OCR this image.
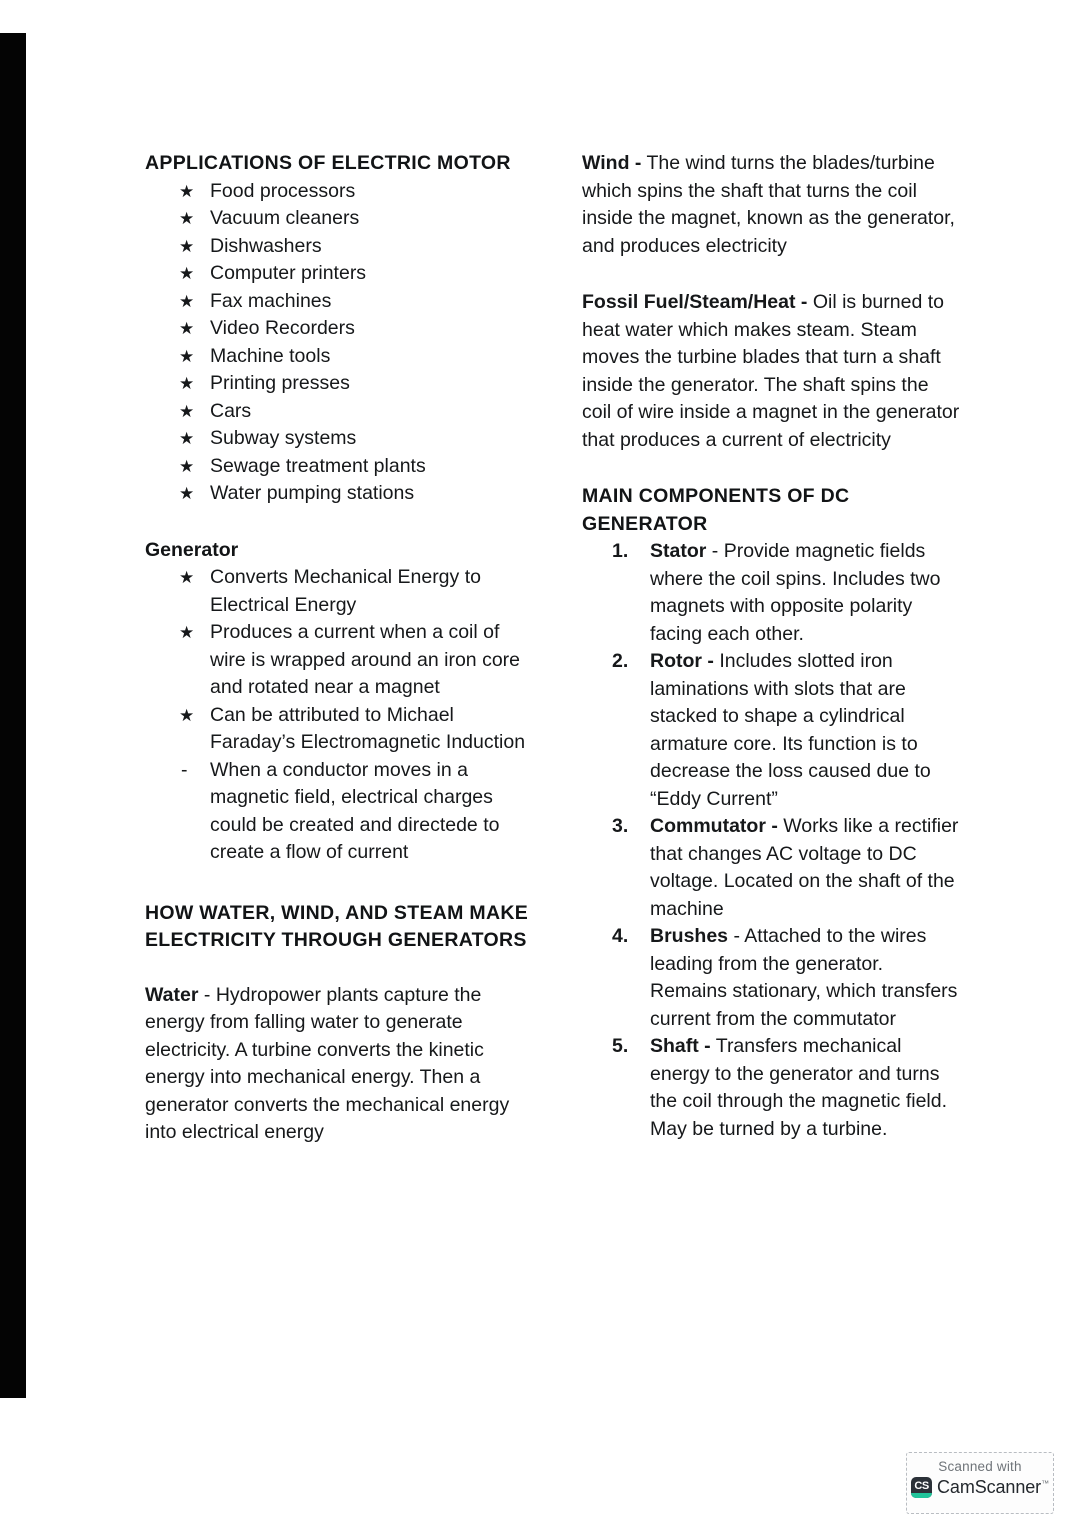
APPLICATIONS OF ELECTRIC MOTOR
★ Food processors
★ Vacuum cleaners
★ Dishwashers
★ Computer printers
★ Fax machines
★ Video Recorders
★ Machine tools
★ Printing presses
★ Cars
★ Subway systems
★ Sewage treatment plants
★ Water pumping stations
Generator
★ Converts Mechanical Energy to Electrical Energy
★ Produces a current when a coil of wire is wrapped around an iron core and rotated near a magnet
★ Can be attributed to Michael Faraday’s Electromagnetic Induction
- When a conductor moves in a magnetic field, electrical charges could be created and directede to create a flow of current
HOW WATER, WIND, AND STEAM MAKE ELECTRICITY THROUGH GENERATORS

Water - Hydropower plants capture the energy from falling water to generate electricity. A turbine converts the kinetic energy into mechanical energy. Then a generator converts the mechanical energy into electrical energy

Wind - The wind turns the blades/turbine which spins the shaft that turns the coil inside the magnet, known as the generator, and produces electricity

Fossil Fuel/Steam/Heat - Oil is burned to heat water which makes steam. Steam moves the turbine blades that turn a shaft inside the generator. The shaft spins the coil of wire inside a magnet in the generator that produces a current of electricity

MAIN COMPONENTS OF DC GENERATOR
1. Stator - Provide magnetic fields where the coil spins. Includes two magnets with opposite polarity facing each other.
2. Rotor - Includes slotted iron laminations with slots that are stacked to shape a cylindrical armature core. Its function is to decrease the loss caused due to “Eddy Current”
3. Commutator - Works like a rectifier that changes AC voltage to DC voltage. Located on the shaft of the machine
4. Brushes - Attached to the wires leading from the generator. Remains stationary, which transfers current from the commutator
5. Shaft - Transfers mechanical energy to the generator and turns the coil through the magnetic field. May be turned by a turbine.
Scanned with
CS CamScanner™
